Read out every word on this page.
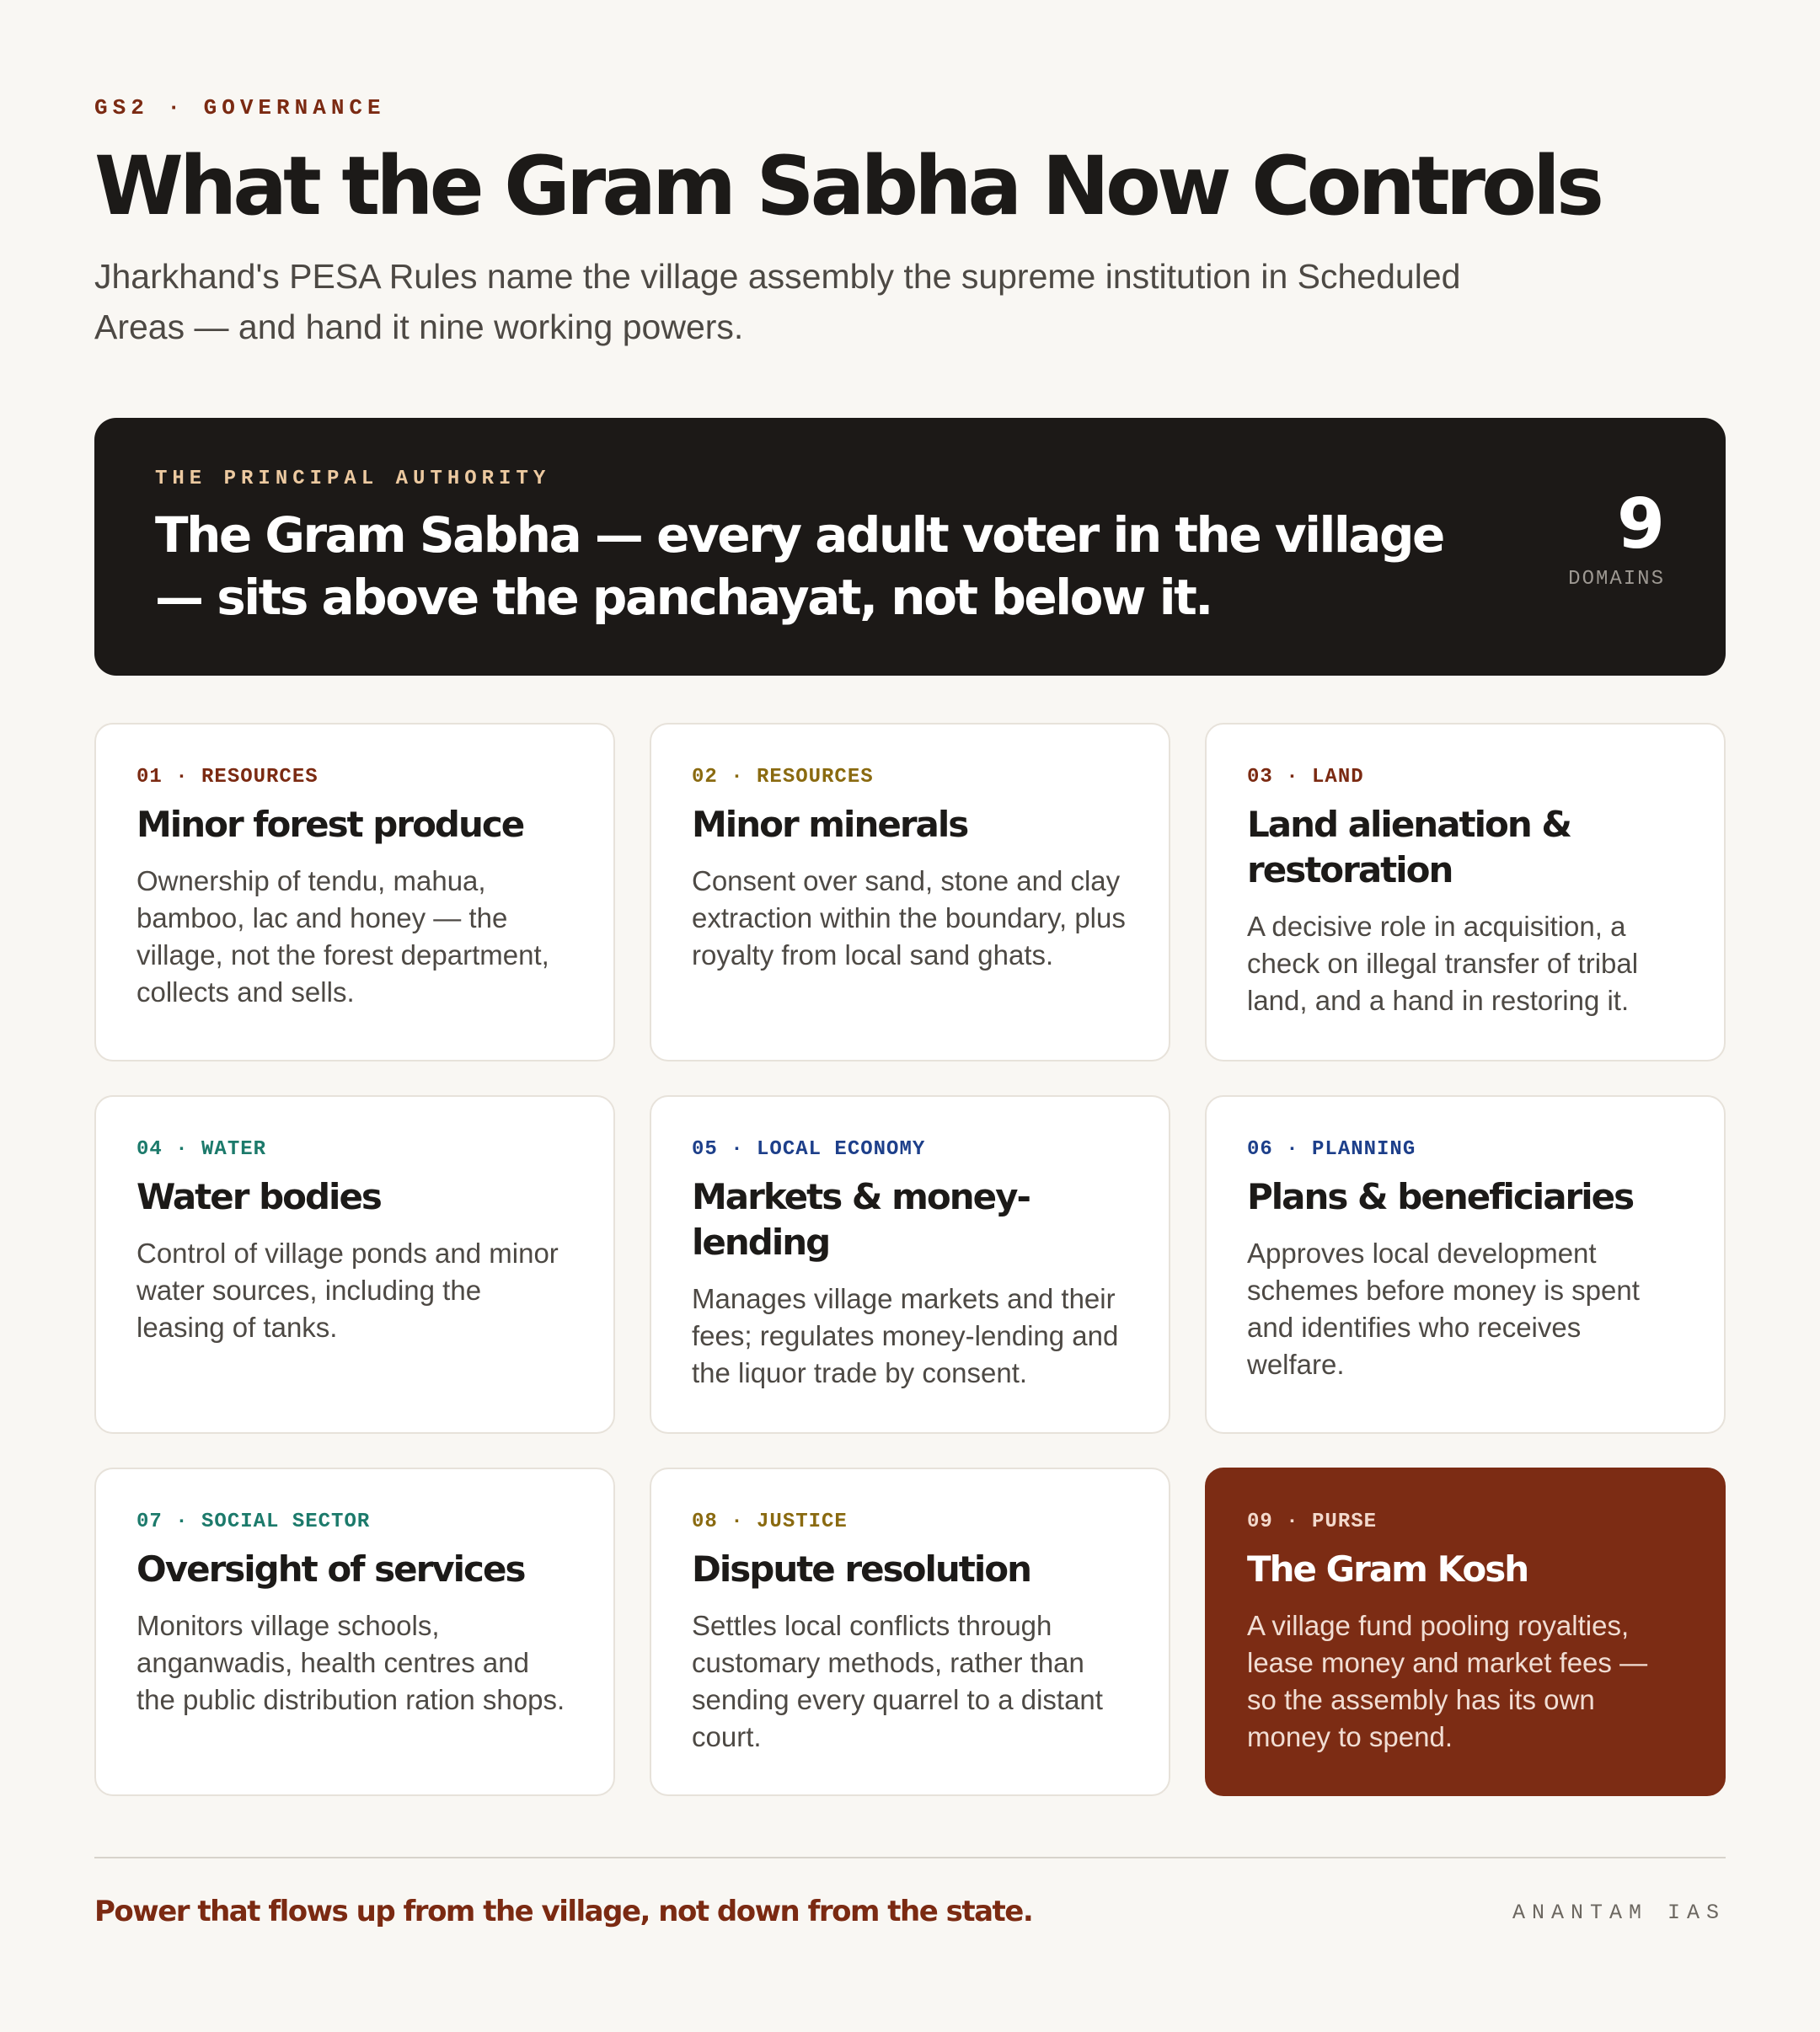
GS2 · GOVERNANCE
What the Gram Sabha Now Controls
Jharkhand's PESA Rules name the village assembly the supreme institution in Scheduled Areas — and hand it nine working powers.
THE PRINCIPAL AUTHORITY
The Gram Sabha — every adult voter in the village — sits above the panchayat, not below it.
9
DOMAINS
01 · RESOURCES
Minor forest produce
Ownership of tendu, mahua, bamboo, lac and honey — the village, not the forest department, collects and sells.
02 · RESOURCES
Minor minerals
Consent over sand, stone and clay extraction within the boundary, plus royalty from local sand ghats.
03 · LAND
Land alienation & restoration
A decisive role in acquisition, a check on illegal transfer of tribal land, and a hand in restoring it.
04 · WATER
Water bodies
Control of village ponds and minor water sources, including the leasing of tanks.
05 · LOCAL ECONOMY
Markets & money-lending
Manages village markets and their fees; regulates money-lending and the liquor trade by consent.
06 · PLANNING
Plans & beneficiaries
Approves local development schemes before money is spent and identifies who receives welfare.
07 · SOCIAL SECTOR
Oversight of services
Monitors village schools, anganwadis, health centres and the public distribution ration shops.
08 · JUSTICE
Dispute resolution
Settles local conflicts through customary methods, rather than sending every quarrel to a distant court.
09 · PURSE
The Gram Kosh
A village fund pooling royalties, lease money and market fees — so the assembly has its own money to spend.
Power that flows up from the village, not down from the state.	ANANTAM IAS
